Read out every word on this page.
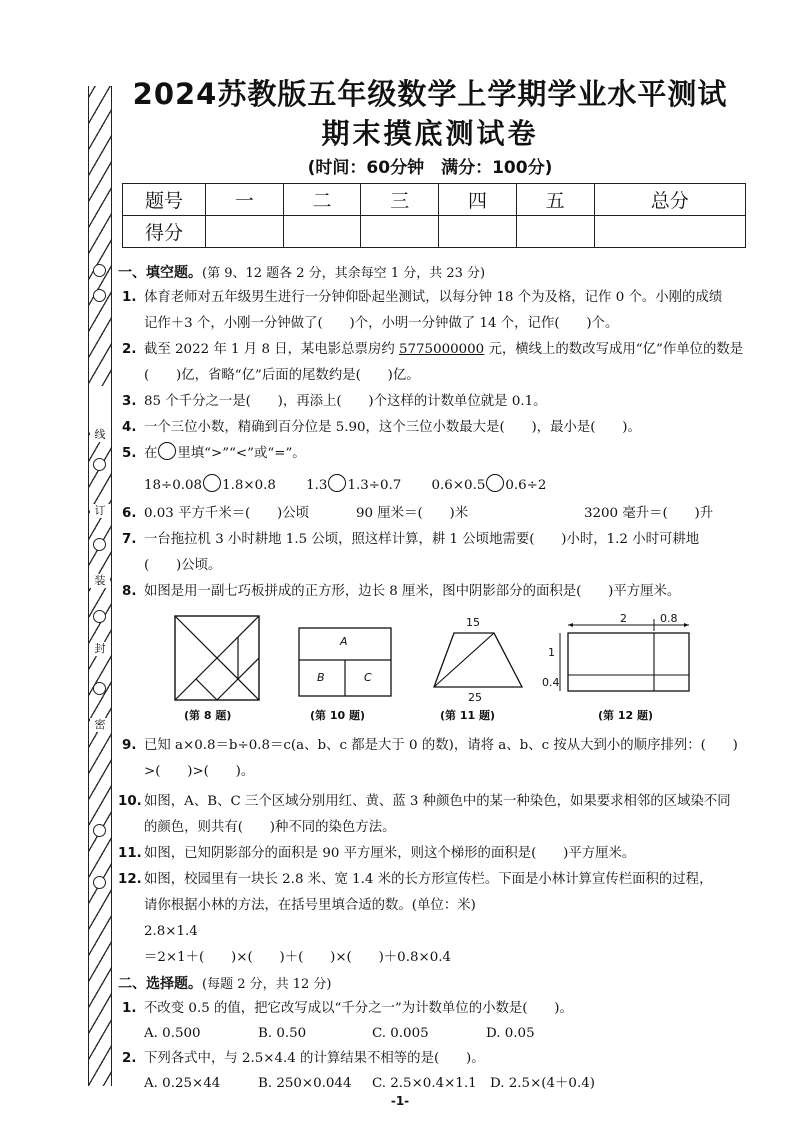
线
订
装
封
密
2024苏教版五年级数学上学期学业水平测试
期末摸底测试卷
(时间：60分钟　满分：100分)
题号	一	二	三	四	五	总分
得分						
一、填空题。(第 9、12 题各 2 分，其余每空 1 分，共 23 分)
1. 体育老师对五年级男生进行一分钟仰卧起坐测试，以每分钟 18 个为及格，记作 0 个。小刚的成绩
记作＋3 个，小刚一分钟做了(　　)个，小明一分钟做了 14 个，记作(　　)个。
2. 截至 2022 年 1 月 8 日，某电影总票房约 5775000000 元，横线上的数改写成用“亿”作单位的数是
(　　)亿，省略“亿”后面的尾数约是(　　)亿。
3. 85 个千分之一是(　　)，再添上(　　)个这样的计数单位就是 0.1。
4. 一个三位小数，精确到百分位是 5.90，这个三位小数最大是(　　)，最小是(　　)。
5. 在 里填“>”“<”或“=”。
18÷0.08 1.8×0.8 1.3 1.3÷0.7 0.6×0.5 0.6÷2
6. 0.03 平方千米＝(　　)公顷	90 厘米＝(　　)米	3200 毫升＝(　　)升
7. 一台拖拉机 3 小时耕地 1.5 公顷，照这样计算，耕 1 公顷地需要(　　)小时，1.2 小时可耕地
(　　)公顷。
8. 如图是用一副七巧板拼成的正方形，边长 8 厘米，图中阴影部分的面积是(　　)平方厘米。
(第 8 题)
A
B	C
(第 10 题)
15
25
(第 11 题)
2	0.8
1
0.4
(第 12 题)
9. 已知 a×0.8＝b÷0.8＝c(a、b、c 都是大于 0 的数)，请将 a、b、c 按从大到小的顺序排列：(　　)
>(　　)>(　　)。
10. 如图，A、B、C 三个区域分别用红、黄、蓝 3 种颜色中的某一种染色，如果要求相邻的区域染不同
的颜色，则共有(　　)种不同的染色方法。
11. 如图，已知阴影部分的面积是 90 平方厘米，则这个梯形的面积是(　　)平方厘米。
12. 如图，校园里有一块长 2.8 米、宽 1.4 米的长方形宣传栏。下面是小林计算宣传栏面积的过程，
请你根据小林的方法，在括号里填合适的数。(单位：米)
2.8×1.4
＝2×1＋(　　)×(　　)＋(　　)×(　　)＋0.8×0.4
二、选择题。(每题 2 分，共 12 分)
1. 不改变 0.5 的值，把它改写成以“千分之一”为计数单位的小数是(　　)。
A. 0.500	B. 0.50	C. 0.005	D. 0.05
2. 下列各式中，与 2.5×4.4 的计算结果不相等的是(　　)。
A. 0.25×44	B. 250×0.044 C. 2.5×0.4×1.1 D. 2.5×(4＋0.4)
-1-
